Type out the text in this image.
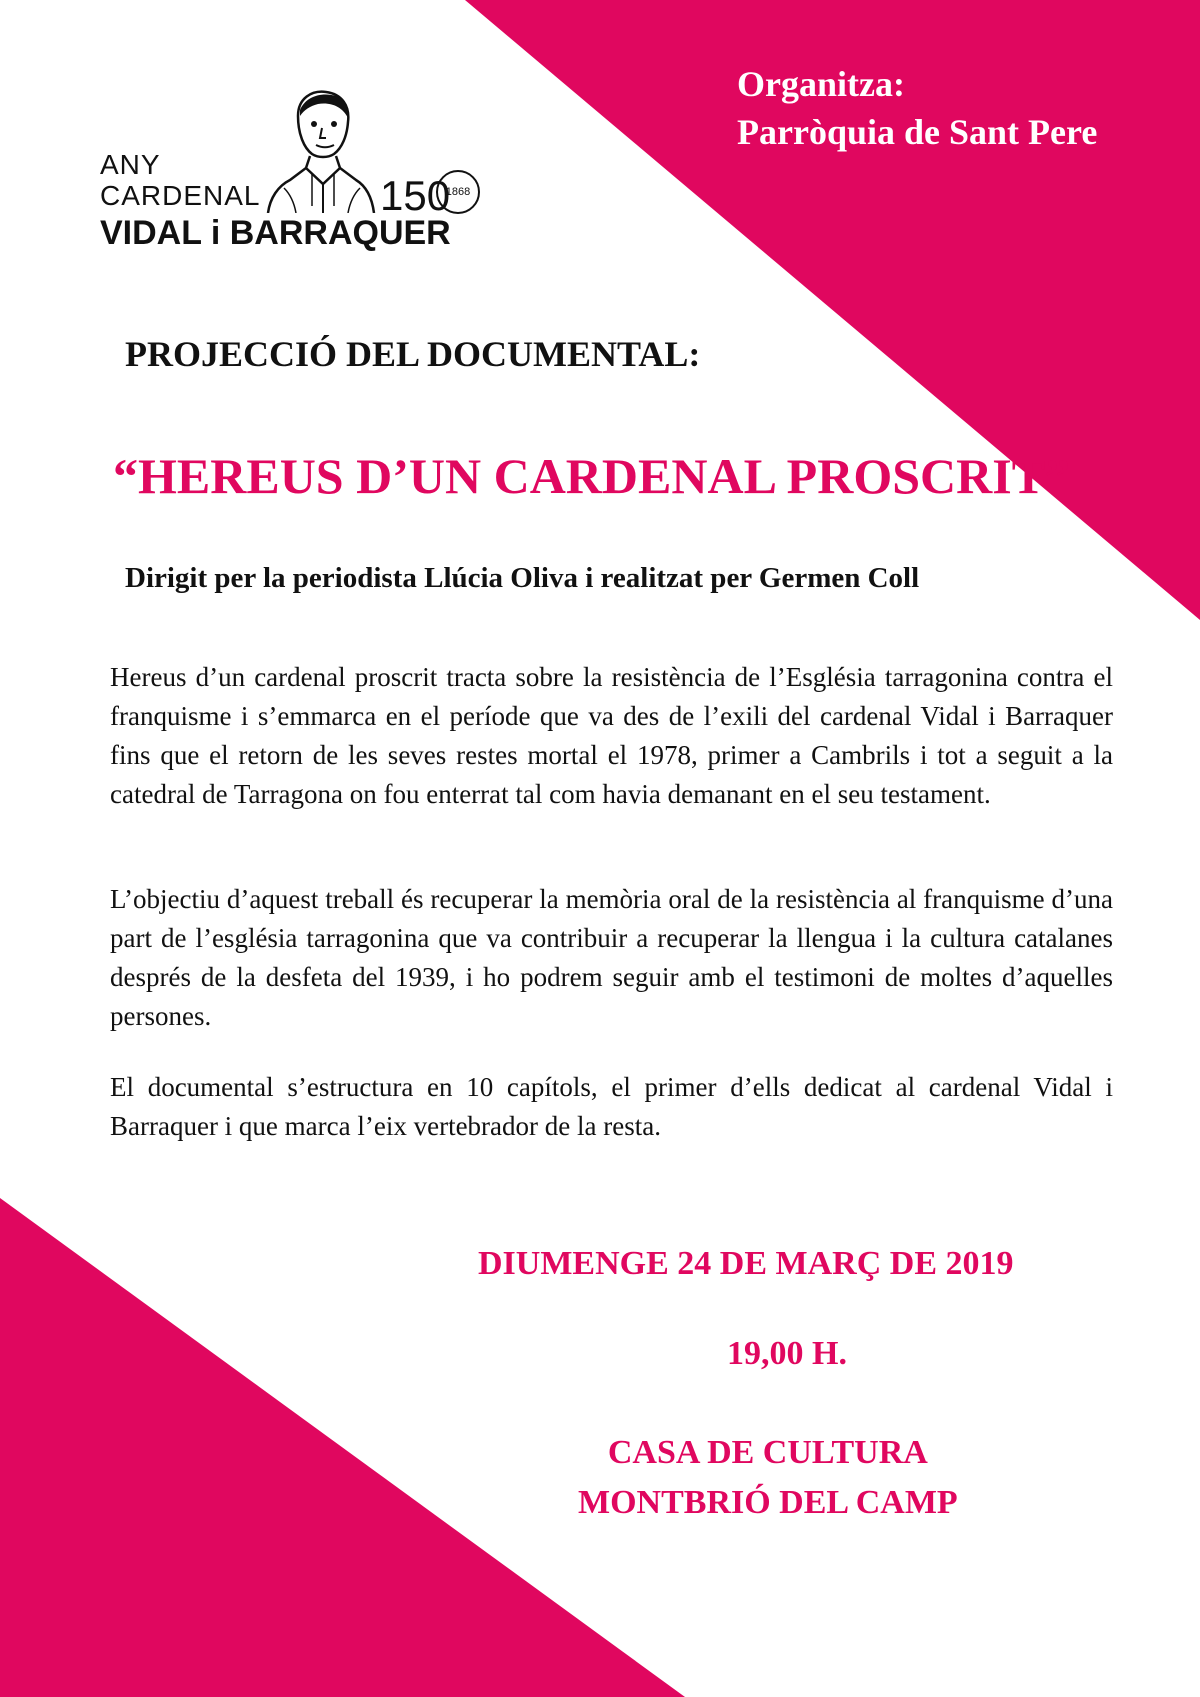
Organitza:
Parròquia de Sant Pere

ANY

CARDENAL

VIDAL i BARRAQUER

150

1868
PROJECCIÓ DEL DOCUMENTAL:
“HEREUS D’UN CARDENAL PROSCRIT”

Dirigit per la periodista Llúcia Oliva i realitzat per Germen Coll

Hereus d’un cardenal proscrit tracta sobre la resistència de l’Església tarragonina contra el franquisme i s’emmarca en el període que va des de l’exili del cardenal Vidal i Barraquer fins que el retorn de les seves restes mortal el 1978, primer a Cambrils i tot a seguit a la catedral de Tarragona on fou enterrat tal com havia demanant en el seu testament.

L’objectiu d’aquest treball és recuperar la memòria oral de la resistència al franquisme d’una part de l’església tarragonina que va contribuir a recuperar la llengua i la cultura catalanes després de la desfeta del 1939, i ho podrem seguir amb el testimoni de moltes d’aquelles persones.

El documental s’estructura en 10 capítols, el primer d’ells dedicat al cardenal Vidal i Barraquer i que marca l’eix vertebrador de la resta.

DIUMENGE 24 DE MARÇ DE 2019
19,00 H.
CASA DE CULTURA
MONTBRIÓ DEL CAMP
